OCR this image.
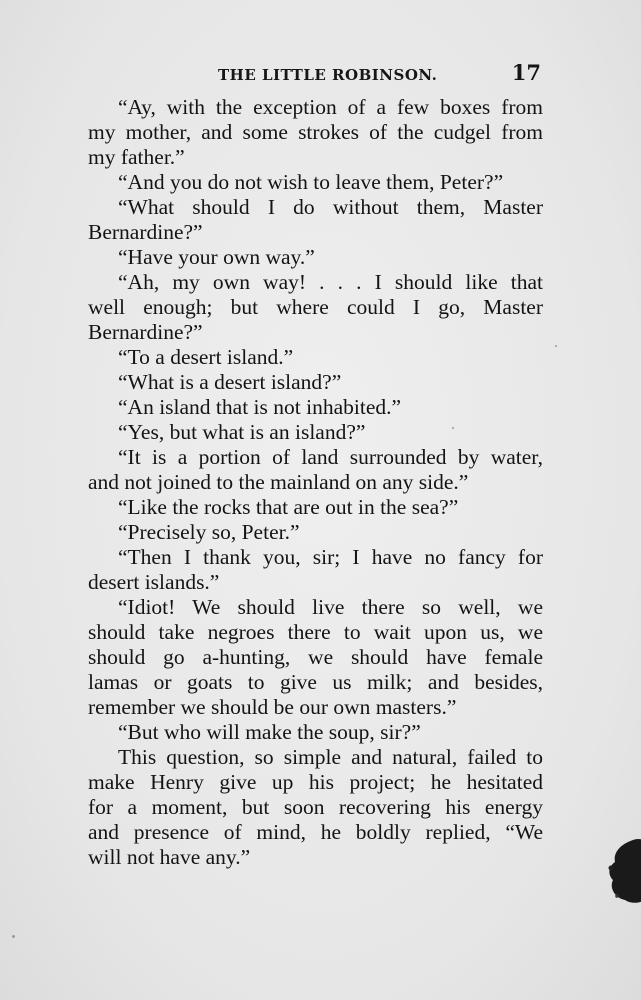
THE LITTLE ROBINSON.	17
“Ay, with the exception of a few boxes from
my mother, and some strokes of the cudgel from
my father.”
“And you do not wish to leave them, Peter?”
“What should I do without them, Master
Bernardine?”
“Have your own way.”
“Ah, my own way! . . . I should like that
well enough; but where could I go, Master
Bernardine?”
“To a desert island.”
“What is a desert island?”
“An island that is not inhabited.”
“Yes, but what is an island?”
“It is a portion of land surrounded by water,
and not joined to the mainland on any side.”
“Like the rocks that are out in the sea?”
“Precisely so, Peter.”
“Then I thank you, sir; I have no fancy for
desert islands.”
“Idiot! We should live there so well, we
should take negroes there to wait upon us, we
should go a-hunting, we should have female
lamas or goats to give us milk; and besides,
remember we should be our own masters.”
“But who will make the soup, sir?”
This question, so simple and natural, failed to
make Henry give up his project; he hesitated
for a moment, but soon recovering his energy
and presence of mind, he boldly replied, “We
will not have any.”
